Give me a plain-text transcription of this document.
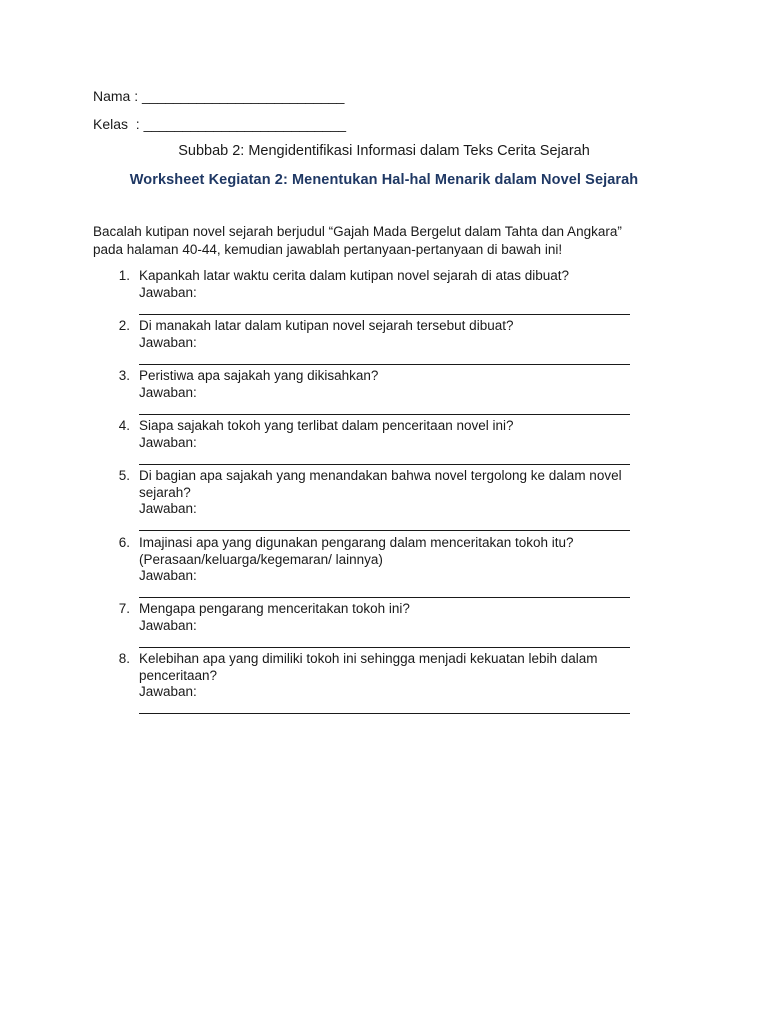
Nama : __________________________

Kelas  : __________________________

Subbab 2: Mengidentifikasi Informasi dalam Teks Cerita Sejarah

Worksheet Kegiatan 2: Menentukan Hal-hal Menarik dalam Novel Sejarah

Bacalah kutipan novel sejarah berjudul “Gajah Mada Bergelut dalam Tahta dan Angkara”

pada halaman 40-44, kemudian jawablah pertanyaan-pertanyaan di bawah ini!

1. Kapankah latar waktu cerita dalam kutipan novel sejarah di atas dibuat?
Jawaban:
2. Di manakah latar dalam kutipan novel sejarah tersebut dibuat?
Jawaban:
3. Peristiwa apa sajakah yang dikisahkan?
Jawaban:
4. Siapa sajakah tokoh yang terlibat dalam penceritaan novel ini?
Jawaban:
5. Di bagian apa sajakah yang menandakan bahwa novel tergolong ke dalam novel
sejarah?
Jawaban:
6. Imajinasi apa yang digunakan pengarang dalam menceritakan tokoh itu?
(Perasaan/keluarga/kegemaran/ lainnya)
Jawaban:
7. Mengapa pengarang menceritakan tokoh ini?
Jawaban:
8. Kelebihan apa yang dimiliki tokoh ini sehingga menjadi kekuatan lebih dalam
penceritaan?
Jawaban:
